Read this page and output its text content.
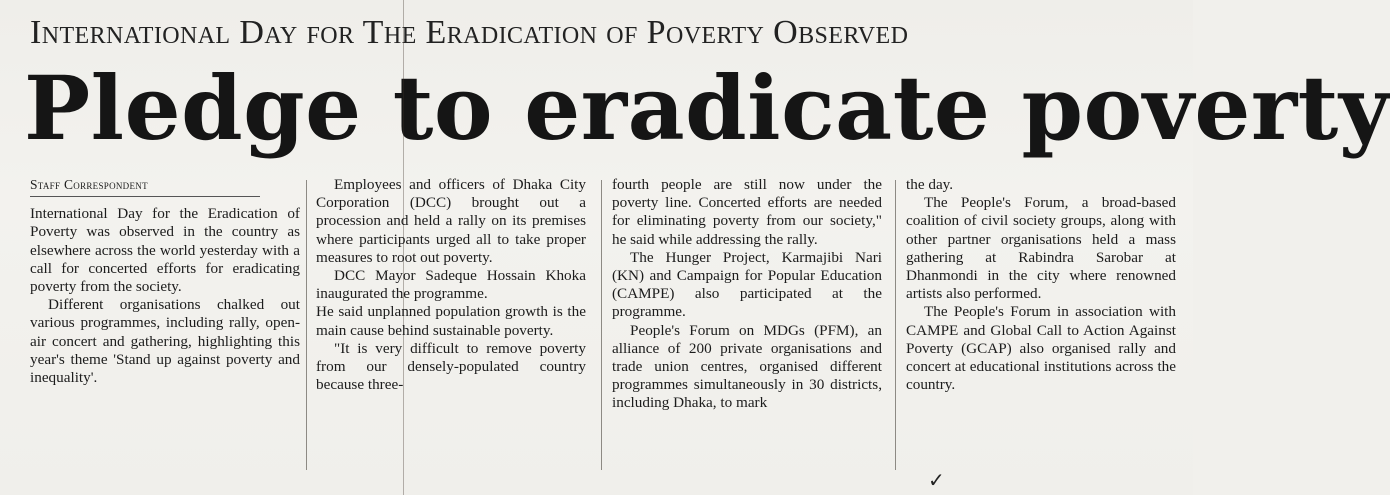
International Day for The Eradication of Poverty Observed
Pledge to eradicate poverty
Staff Correspondent

International Day for the Eradication of Poverty was observed in the country as elsewhere across the world yesterday with a call for concerted efforts for eradicating poverty from the society.

Different organisations chalked out various programmes, including rally, open-air concert and gathering, highlighting this year's theme 'Stand up against poverty and inequality'.

Employees and officers of Dhaka City Corporation (DCC) brought out a procession and held a rally on its premises where participants urged all to take proper measures to root out poverty.

DCC Mayor Sadeque Hossain Khoka inaugurated the programme.

He said unplanned population growth is the main cause behind sustainable poverty.

"It is very difficult to remove poverty from our densely-populated country because three-

fourth people are still now under the poverty line. Concerted efforts are needed for eliminating poverty from our society," he said while addressing the rally.

The Hunger Project, Karmajibi Nari (KN) and Campaign for Popular Education (CAMPE) also participated at the programme.

People's Forum on MDGs (PFM), an alliance of 200 private organisations and trade union centres, organised different programmes simultaneously in 30 districts, including Dhaka, to mark

the day.

The People's Forum, a broad-based coalition of civil society groups, along with other partner organisations held a mass gathering at Rabindra Sarobar at Dhanmondi in the city where renowned artists also performed.

The People's Forum in association with CAMPE and Global Call to Action Against Poverty (GCAP) also organised rally and concert at educational institutions across the country.

✓
